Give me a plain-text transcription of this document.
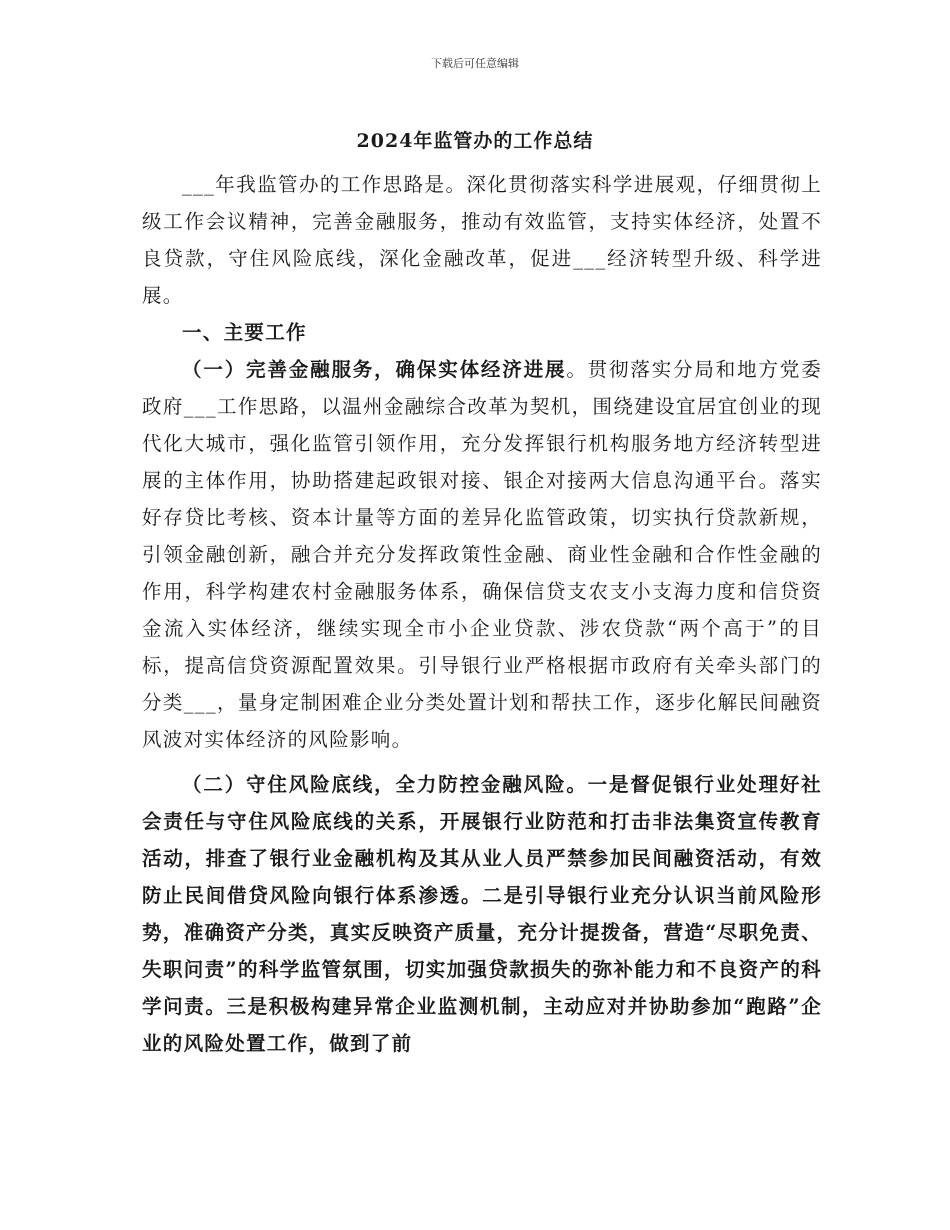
下载后可任意编辑
2024年监管办的工作总结

___年我监管办的工作思路是。深化贯彻落实科学进展观，仔细贯彻上级工作会议精神，完善金融服务，推动有效监管，支持实体经济，处置不良贷款，守住风险底线，深化金融改革，促进___经济转型升级、科学进展。

一、主要工作

（一）完善金融服务，确保实体经济进展。贯彻落实分局和地方党委政府___工作思路，以温州金融综合改革为契机，围绕建设宜居宜创业的现代化大城市，强化监管引领作用，充分发挥银行机构服务地方经济转型进展的主体作用，协助搭建起政银对接、银企对接两大信息沟通平台。落实好存贷比考核、资本计量等方面的差异化监管政策，切实执行贷款新规，引领金融创新，融合并充分发挥政策性金融、商业性金融和合作性金融的作用，科学构建农村金融服务体系，确保信贷支农支小支海力度和信贷资金流入实体经济，继续实现全市小企业贷款、涉农贷款“两个高于”的目标，提高信贷资源配置效果。引导银行业严格根据市政府有关牵头部门的分类___，量身定制困难企业分类处置计划和帮扶工作，逐步化解民间融资风波对实体经济的风险影响。

（二）守住风险底线，全力防控金融风险。一是督促银行业处理好社会责任与守住风险底线的关系，开展银行业防范和打击非法集资宣传教育活动，排查了银行业金融机构及其从业人员严禁参加民间融资活动，有效防止民间借贷风险向银行体系渗透。二是引导银行业充分认识当前风险形势，准确资产分类，真实反映资产质量，充分计提拨备，营造“尽职免责、失职问责”的科学监管氛围，切实加强贷款损失的弥补能力和不良资产的科学问责。三是积极构建异常企业监测机制，主动应对并协助参加“跑路”企业的风险处置工作，做到了前
